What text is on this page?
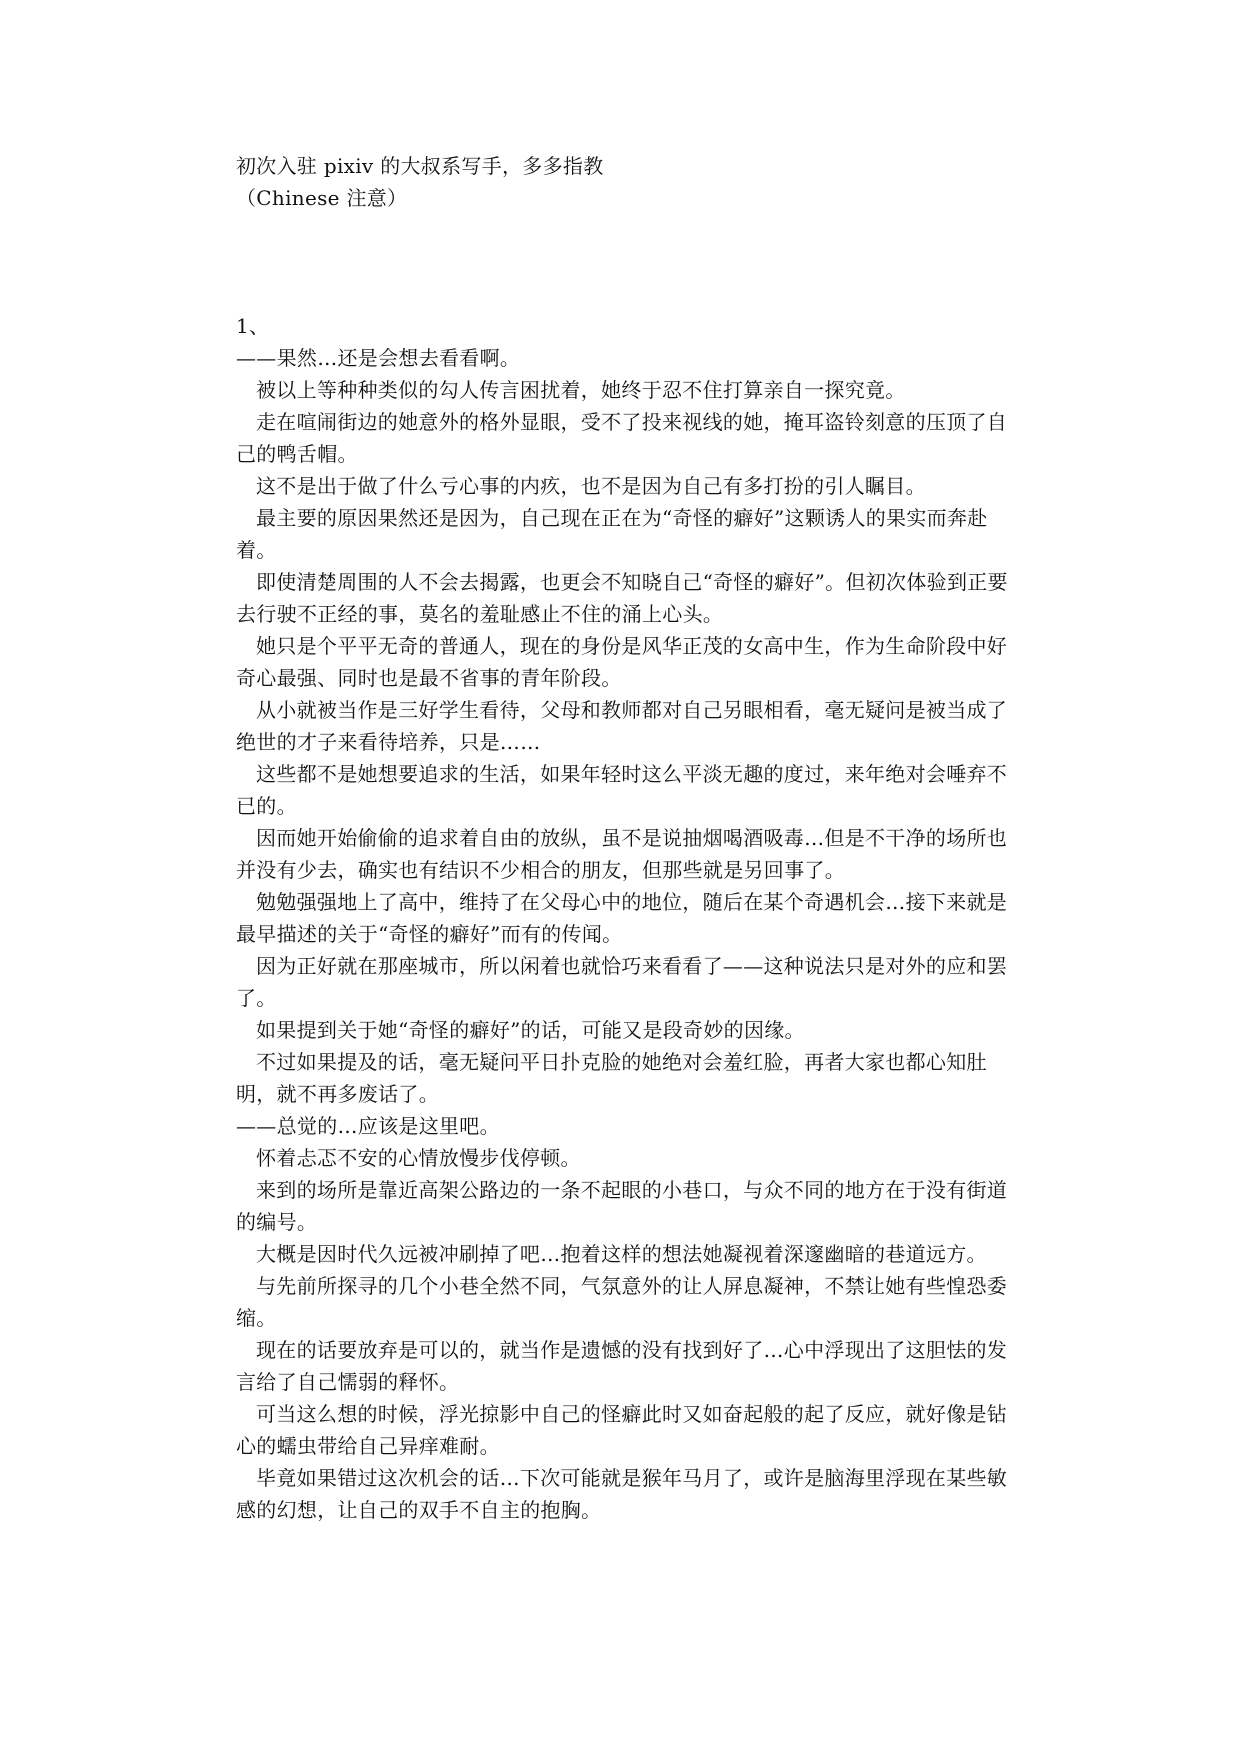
初次入驻 pixiv 的大叔系写手，多多指教

（Chinese 注意）

1、

——果然…还是会想去看看啊。

被以上等种种类似的勾人传言困扰着，她终于忍不住打算亲自一探究竟。

走在喧闹街边的她意外的格外显眼，受不了投来视线的她，掩耳盗铃刻意的压顶了自己的鸭舌帽。

这不是出于做了什么亏心事的内疚，也不是因为自己有多打扮的引人瞩目。

最主要的原因果然还是因为，自己现在正在为“奇怪的癖好”这颗诱人的果实而奔赴着。

即使清楚周围的人不会去揭露，也更会不知晓自己“奇怪的癖好”。但初次体验到正要去行驶不正经的事，莫名的羞耻感止不住的涌上心头。

她只是个平平无奇的普通人，现在的身份是风华正茂的女高中生，作为生命阶段中好奇心最强、同时也是最不省事的青年阶段。

从小就被当作是三好学生看待，父母和教师都对自己另眼相看，毫无疑问是被当成了绝世的才子来看待培养，只是……

这些都不是她想要追求的生活，如果年轻时这么平淡无趣的度过，来年绝对会唾弃不已的。

因而她开始偷偷的追求着自由的放纵，虽不是说抽烟喝酒吸毒…但是不干净的场所也并没有少去，确实也有结识不少相合的朋友，但那些就是另回事了。

勉勉强强地上了高中，维持了在父母心中的地位，随后在某个奇遇机会…接下来就是最早描述的关于“奇怪的癖好”而有的传闻。

因为正好就在那座城市，所以闲着也就恰巧来看看了——这种说法只是对外的应和罢了。

如果提到关于她“奇怪的癖好”的话，可能又是段奇妙的因缘。

不过如果提及的话，毫无疑问平日扑克脸的她绝对会羞红脸，再者大家也都心知肚明，就不再多废话了。

——总觉的…应该是这里吧。

怀着忐忑不安的心情放慢步伐停顿。

来到的场所是靠近高架公路边的一条不起眼的小巷口，与众不同的地方在于没有街道的编号。

大概是因时代久远被冲刷掉了吧…抱着这样的想法她凝视着深邃幽暗的巷道远方。

与先前所探寻的几个小巷全然不同，气氛意外的让人屏息凝神，不禁让她有些惶恐委缩。

现在的话要放弃是可以的，就当作是遗憾的没有找到好了…心中浮现出了这胆怯的发言给了自己懦弱的释怀。

可当这么想的时候，浮光掠影中自己的怪癖此时又如奋起般的起了反应，就好像是钻心的蠕虫带给自己异痒难耐。

毕竟如果错过这次机会的话…下次可能就是猴年马月了，或许是脑海里浮现在某些敏感的幻想，让自己的双手不自主的抱胸。
